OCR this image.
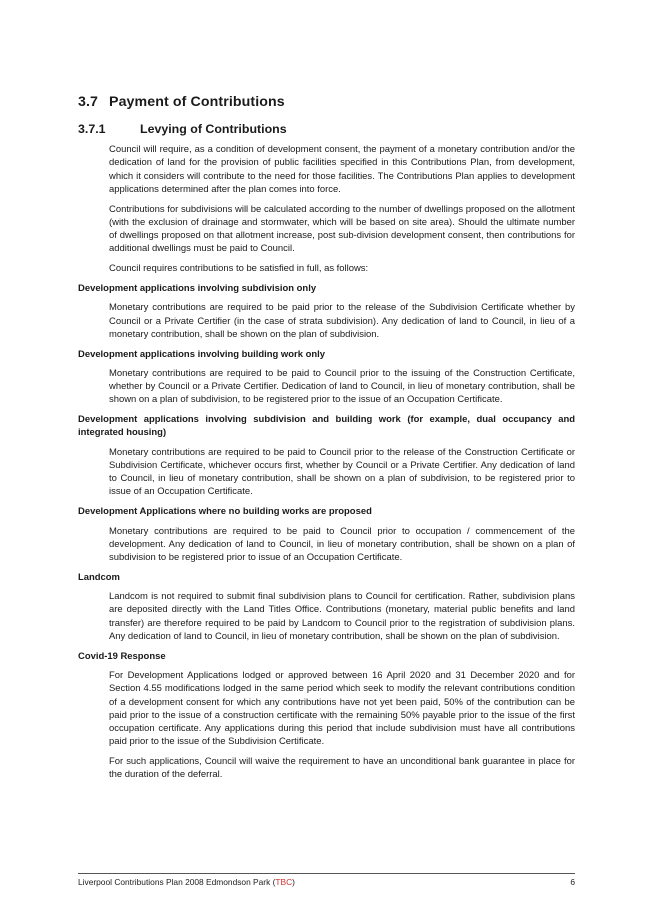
3.7 Payment of Contributions
3.7.1	Levying of Contributions

Council will require, as a condition of development consent, the payment of a monetary contribution and/or the dedication of land for the provision of public facilities specified in this Contributions Plan, from development, which it considers will contribute to the need for those facilities. The Contributions Plan applies to development applications determined after the plan comes into force.

Contributions for subdivisions will be calculated according to the number of dwellings proposed on the allotment (with the exclusion of drainage and stormwater, which will be based on site area). Should the ultimate number of dwellings proposed on that allotment increase, post sub-division development consent, then contributions for additional dwellings must be paid to Council.

Council requires contributions to be satisfied in full, as follows:

Development applications involving subdivision only

Monetary contributions are required to be paid prior to the release of the Subdivision Certificate whether by Council or a Private Certifier (in the case of strata subdivision). Any dedication of land to Council, in lieu of a monetary contribution, shall be shown on the plan of subdivision.

Development applications involving building work only

Monetary contributions are required to be paid to Council prior to the issuing of the Construction Certificate, whether by Council or a Private Certifier. Dedication of land to Council, in lieu of monetary contribution, shall be shown on a plan of subdivision, to be registered prior to the issue of an Occupation Certificate.

Development applications involving subdivision and building work (for example, dual occupancy and integrated housing)

Monetary contributions are required to be paid to Council prior to the release of the Construction Certificate or Subdivision Certificate, whichever occurs first, whether by Council or a Private Certifier. Any dedication of land to Council, in lieu of monetary contribution, shall be shown on a plan of subdivision, to be registered prior to issue of an Occupation Certificate.

Development Applications where no building works are proposed

Monetary contributions are required to be paid to Council prior to occupation / commencement of the development. Any dedication of land to Council, in lieu of monetary contribution, shall be shown on a plan of subdivision to be registered prior to issue of an Occupation Certificate.

Landcom

Landcom is not required to submit final subdivision plans to Council for certification. Rather, subdivision plans are deposited directly with the Land Titles Office. Contributions (monetary, material public benefits and land transfer) are therefore required to be paid by Landcom to Council prior to the registration of subdivision plans. Any dedication of land to Council, in lieu of monetary contribution, shall be shown on the plan of subdivision.

Covid-19 Response

For Development Applications lodged or approved between 16 April 2020 and 31 December 2020 and for Section 4.55 modifications lodged in the same period which seek to modify the relevant contributions condition of a development consent for which any contributions have not yet been paid, 50% of the contribution can be paid prior to the issue of a construction certificate with the remaining 50% payable prior to the issue of the first occupation certificate. Any applications during this period that include subdivision must have all contributions paid prior to the issue of the Subdivision Certificate.

For such applications, Council will waive the requirement to have an unconditional bank guarantee in place for the duration of the deferral.

Liverpool Contributions Plan 2008 Edmondson Park (TBC)	6
